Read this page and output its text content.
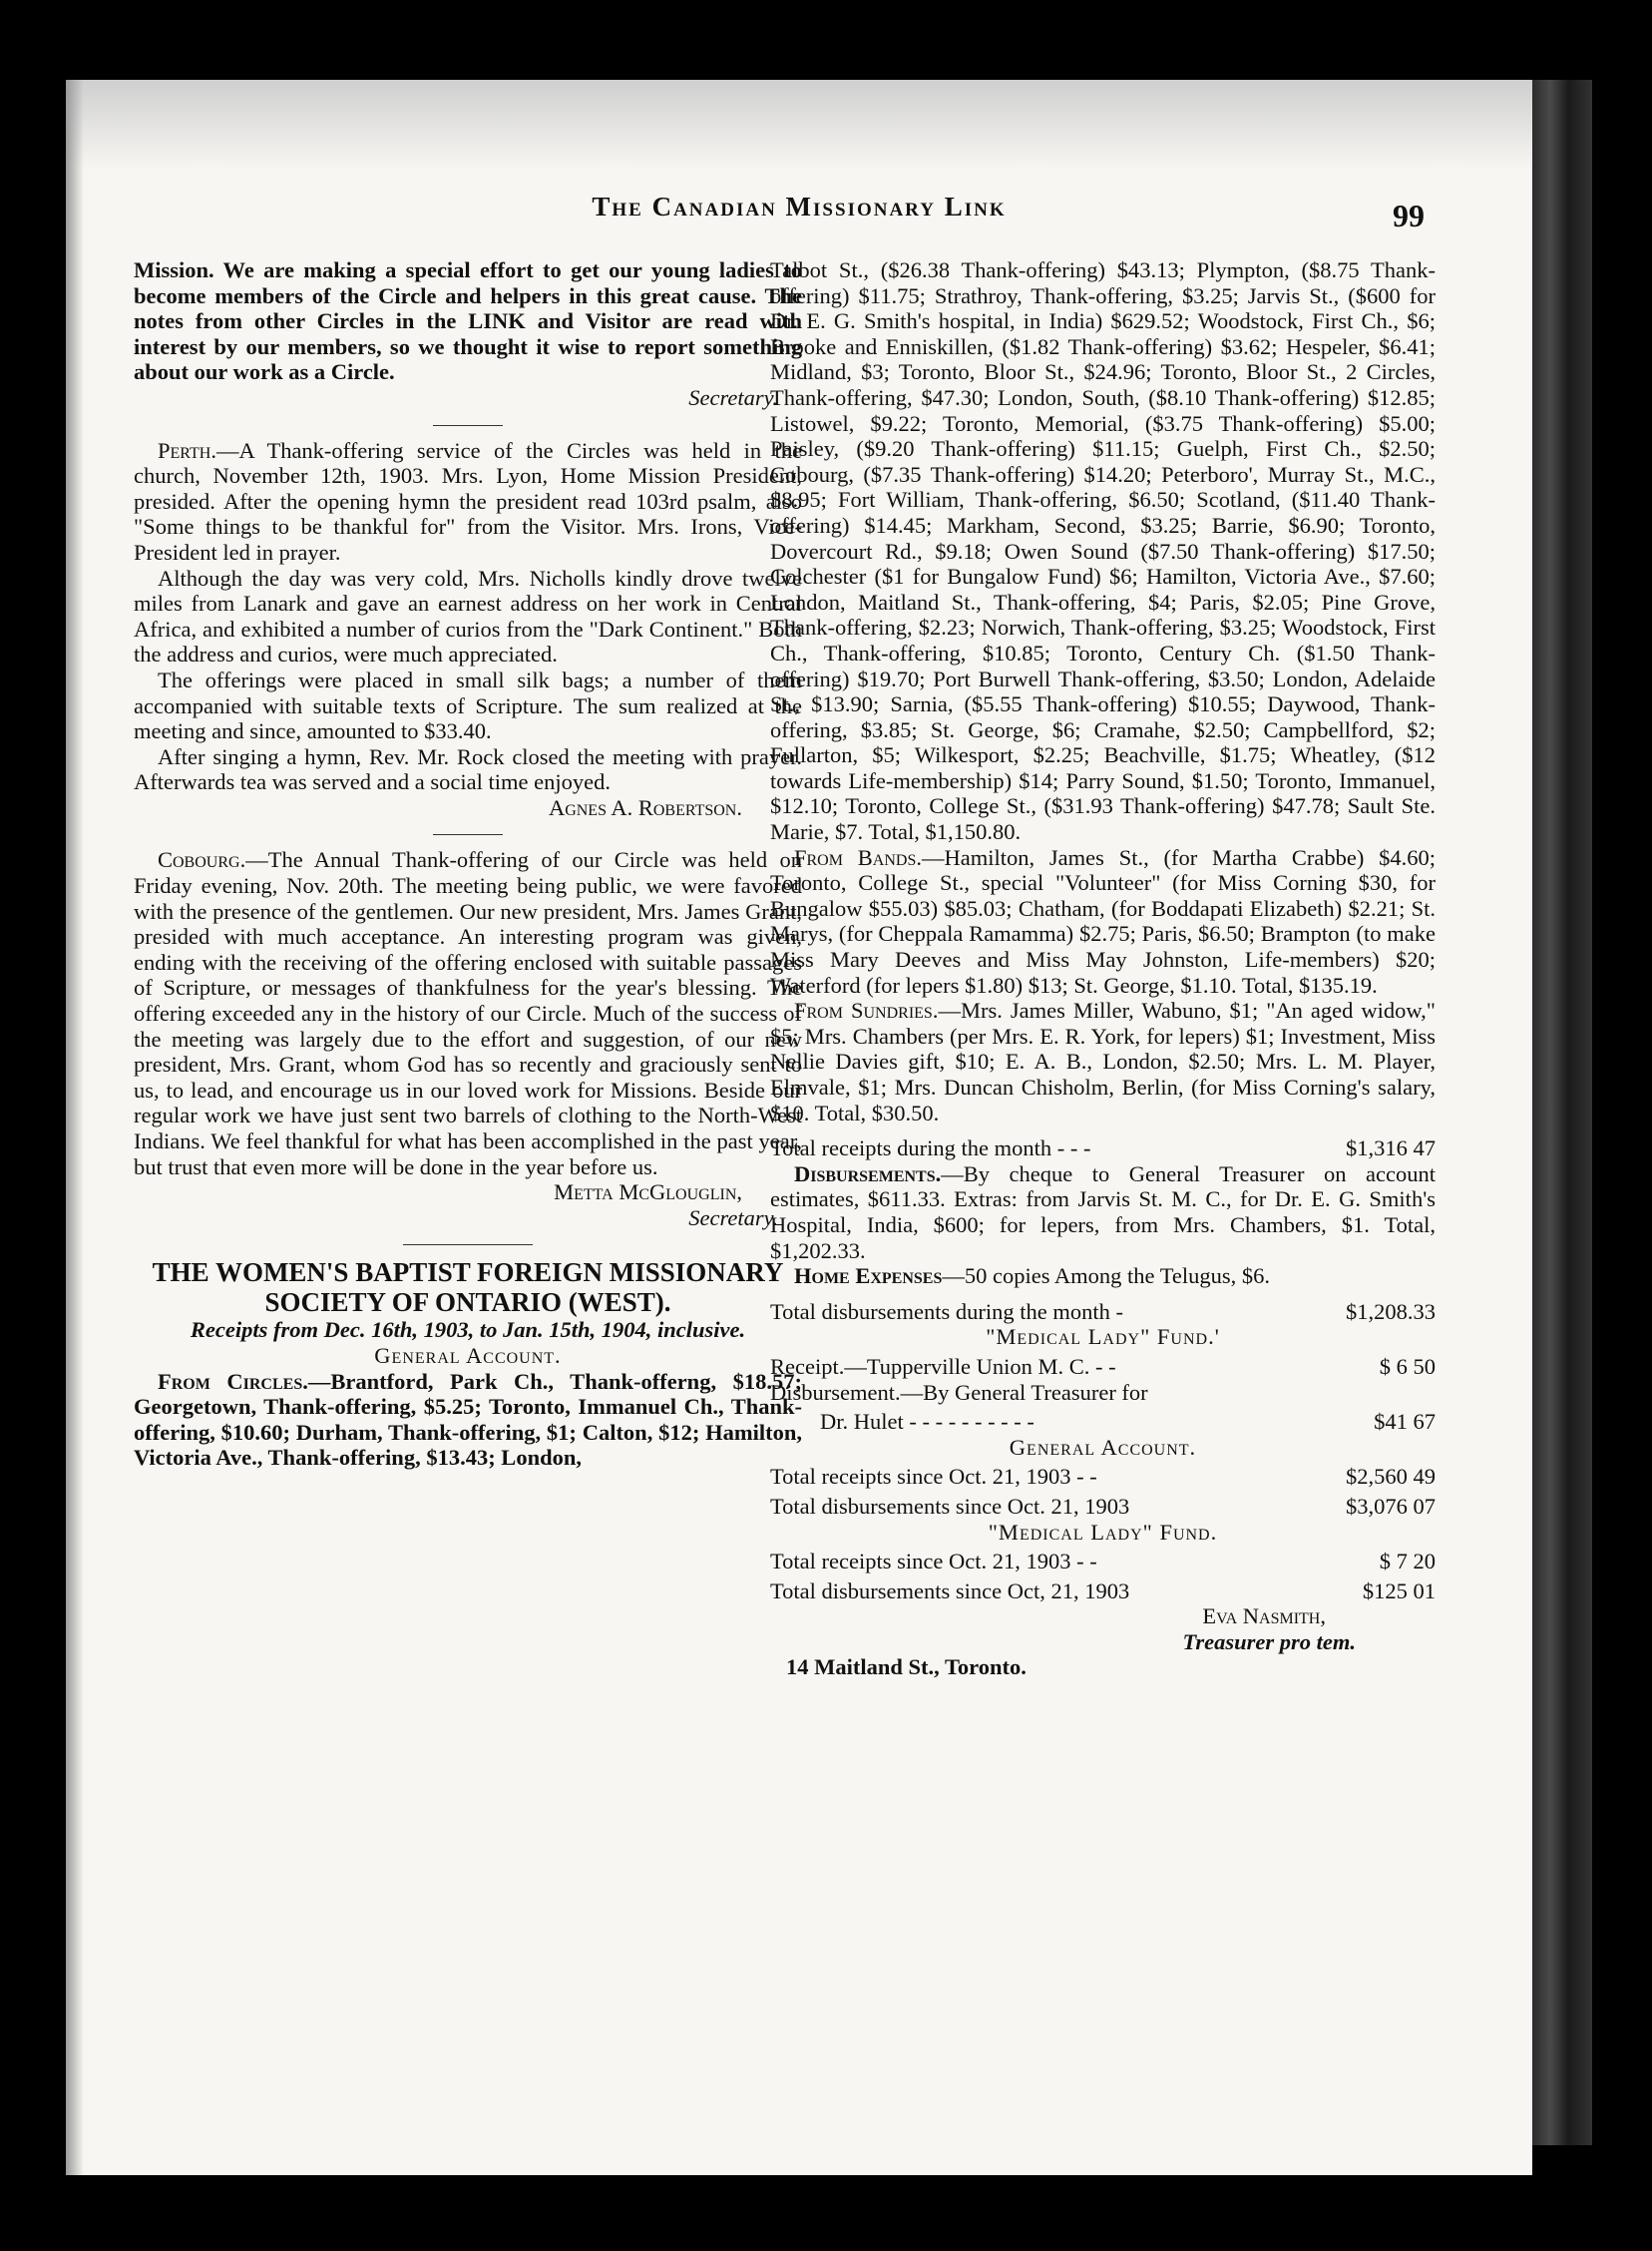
The Canadian Missionary Link	99

Mission. We are making a special effort to get our young ladies to become members of the Circle and helpers in this great cause. The notes from other Circles in the LINK and Visitor are read with interest by our members, so we thought it wise to report something about our work as a Circle.

Secretary.

Perth.—A Thank-offering service of the Circles was held in the church, November 12th, 1903. Mrs. Lyon, Home Mission President, presided. After the opening hymn the president read 103rd psalm, also "Some things to be thankful for" from the Visitor. Mrs. Irons, Vice-President led in prayer.

Although the day was very cold, Mrs. Nicholls kindly drove twelve miles from Lanark and gave an earnest address on her work in Central Africa, and exhibited a number of curios from the "Dark Continent." Both the address and curios, were much appreciated.

The offerings were placed in small silk bags; a number of them accompanied with suitable texts of Scripture. The sum realized at the meeting and since, amounted to $33.40.

After singing a hymn, Rev. Mr. Rock closed the meeting with prayer. Afterwards tea was served and a social time enjoyed.

Agnes A. Robertson.

Cobourg.—The Annual Thank-offering of our Circle was held on Friday evening, Nov. 20th. The meeting being public, we were favored with the presence of the gentlemen. Our new president, Mrs. James Grant, presided with much acceptance. An interesting program was given, ending with the receiving of the offering enclosed with suitable passages of Scripture, or messages of thankfulness for the year's blessing. The offering exceeded any in the history of our Circle. Much of the success of the meeting was largely due to the effort and suggestion, of our new president, Mrs. Grant, whom God has so recently and graciously sent to us, to lead, and encourage us in our loved work for Missions. Beside our regular work we have just sent two barrels of clothing to the North-West Indians. We feel thankful for what has been accomplished in the past year, but trust that even more will be done in the year before us.

Metta McGlouglin,

Secretary.

THE WOMEN'S BAPTIST FOREIGN MISSIONARY SOCIETY OF ONTARIO (WEST).

Receipts from Dec. 16th, 1903, to Jan. 15th, 1904, inclusive.

General Account.

From Circles.—Brantford, Park Ch., Thank-offerng, $18.57; Georgetown, Thank-offering, $5.25; Toronto, Immanuel Ch., Thank-offering, $10.60; Durham, Thank-offering, $1; Calton, $12; Hamilton, Victoria Ave., Thank-offering, $13.43; London,

Talbot St., ($26.38 Thank-offering) $43.13; Plympton, ($8.75 Thank-offering) $11.75; Strathroy, Thank-offering, $3.25; Jarvis St., ($600 for Dr. E. G. Smith's hospital, in India) $629.52; Woodstock, First Ch., $6; Brooke and Enniskillen, ($1.82 Thank-offering) $3.62; Hespeler, $6.41; Midland, $3; Toronto, Bloor St., $24.96; Toronto, Bloor St., 2 Circles, Thank-offering, $47.30; London, South, ($8.10 Thank-offering) $12.85; Listowel, $9.22; Toronto, Memorial, ($3.75 Thank-offering) $5.00; Paisley, ($9.20 Thank-offering) $11.15; Guelph, First Ch., $2.50; Cobourg, ($7.35 Thank-offering) $14.20; Peterboro', Murray St., M.C., $8.95; Fort William, Thank-offering, $6.50; Scotland, ($11.40 Thank-offering) $14.45; Markham, Second, $3.25; Barrie, $6.90; Toronto, Dovercourt Rd., $9.18; Owen Sound ($7.50 Thank-offering) $17.50; Colchester ($1 for Bungalow Fund) $6; Hamilton, Victoria Ave., $7.60; London, Maitland St., Thank-offering, $4; Paris, $2.05; Pine Grove, Thank-offering, $2.23; Norwich, Thank-offering, $3.25; Woodstock, First Ch., Thank-offering, $10.85; Toronto, Century Ch. ($1.50 Thank-offering) $19.70; Port Burwell Thank-offering, $3.50; London, Adelaide St., $13.90; Sarnia, ($5.55 Thank-offering) $10.55; Daywood, Thank-offering, $3.85; St. George, $6; Cramahe, $2.50; Campbellford, $2; Fullarton, $5; Wilkesport, $2.25; Beachville, $1.75; Wheatley, ($12 towards Life-membership) $14; Parry Sound, $1.50; Toronto, Immanuel, $12.10; Toronto, College St., ($31.93 Thank-offering) $47.78; Sault Ste. Marie, $7. Total, $1,150.80.

From Bands.—Hamilton, James St., (for Martha Crabbe) $4.60; Toronto, College St., special "Volunteer" (for Miss Corning $30, for Bungalow $55.03) $85.03; Chatham, (for Boddapati Elizabeth) $2.21; St. Marys, (for Cheppala Ramamma) $2.75; Paris, $6.50; Brampton (to make Miss Mary Deeves and Miss May Johnston, Life-members) $20; Waterford (for lepers $1.80) $13; St. George, $1.10. Total, $135.19.

From Sundries.—Mrs. James Miller, Wabuno, $1; "An aged widow," $5; Mrs. Chambers (per Mrs. E. R. York, for lepers) $1; Investment, Miss Nellie Davies gift, $10; E. A. B., London, $2.50; Mrs. L. M. Player, Elmvale, $1; Mrs. Duncan Chisholm, Berlin, (for Miss Corning's salary, $10. Total, $30.50.

Total receipts during the month - - -	$1,316 47

Disbursements.—By cheque to General Treasurer on account estimates, $611.33. Extras: from Jarvis St. M. C., for Dr. E. G. Smith's Hospital, India, $600; for lepers, from Mrs. Chambers, $1. Total, $1,202.33.

Home Expenses—50 copies Among the Telugus, $6.

Total disbursements during the month -	$1,208.33

"Medical Lady" Fund.'

Receipt.—Tupperville Union M. C. - -	$ 6 50

Disbursement.—By General Treasurer for

Dr. Hulet - - - - - - - - - -	$41 67

General Account.

Total receipts since Oct. 21, 1903 - -	$2,560 49
Total disbursements since Oct. 21, 1903	$3,076 07

"Medical Lady" Fund.

Total receipts since Oct. 21, 1903 - -	$ 7 20
Total disbursements since Oct, 21, 1903	$125 01

Eva Nasmith,

Treasurer pro tem.

14 Maitland St., Toronto.
